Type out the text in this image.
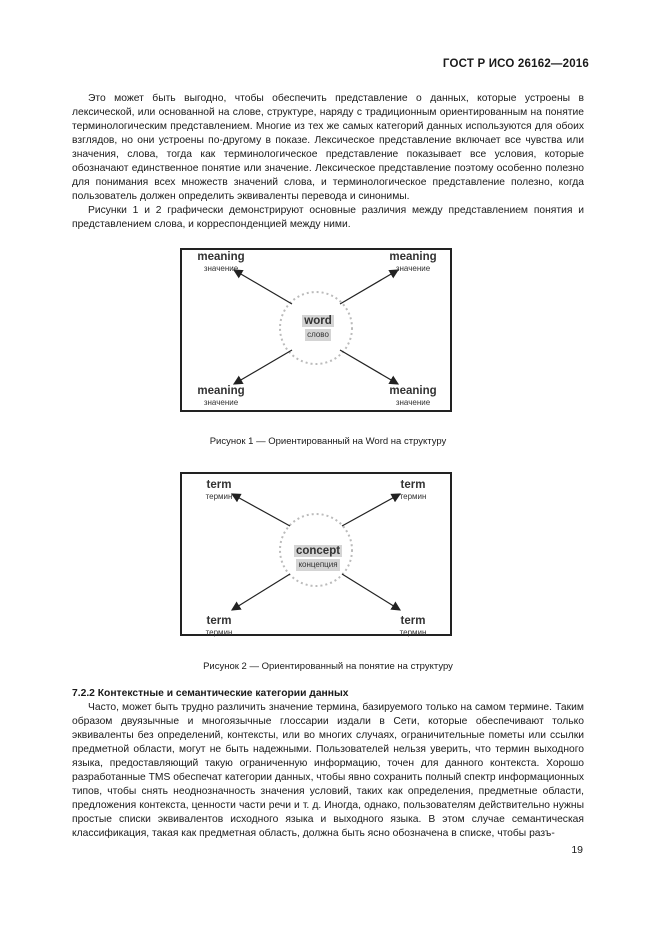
ГОСТ Р ИСО 26162—2016

Это может быть выгодно, чтобы обеспечить представление о данных, которые устроены в лексической, или основанной на слове, структуре, наряду с традиционным ориентированным на понятие терминологическим представлением. Многие из тех же самых категорий данных используются для обоих взглядов, но они устроены по-другому в показе. Лексическое представление включает все чувства или значения, слова, тогда как терминологическое представление показывает все условия, которые обозначают единственное понятие или значение. Лексическое представление поэтому особенно полезно для понимания всех множеств значений слова, и терминологическое представление полезно, когда пользователь должен определить эквиваленты перевода и синонимы.

Рисунки 1 и 2 графически демонстрируют основные различия между представлением понятия и представлением слова, и корреспонденцией между ними.

meaning
значение
meaning
значение
word
слово
meaning
значение
meaning
значение
Рисунок 1 — Ориентированный на Word на структуру
term
термин
term
термин
concept
концепция
term
термин
term
термин
Рисунок 2 — Ориентированный на понятие на структуру
7.2.2 Контекстные и семантические категории данных

Часто, может быть трудно различить значение термина, базируемого только на самом термине. Таким образом двуязычные и многоязычные глоссарии издали в Сети, которые обеспечивают только эквиваленты без определений, контексты, или во многих случаях, ограничительные пометы или ссылки предметной области, могут не быть надежными. Пользователей нельзя уверить, что термин выходного языка, предоставляющий такую ограниченную информацию, точен для данного контекста. Хорошо разработанные TMS обеспечат категории данных, чтобы явно сохранить полный спектр информационных типов, чтобы снять неоднозначность значения условий, таких как определения, предметные области, предложения контекста, ценности части речи и т. д. Иногда, однако, пользователям действительно нужны простые списки эквивалентов исходного языка и выходного языка. В этом случае семантическая классификация, такая как предметная область, должна быть ясно обозначена в списке, чтобы разъ-

19
